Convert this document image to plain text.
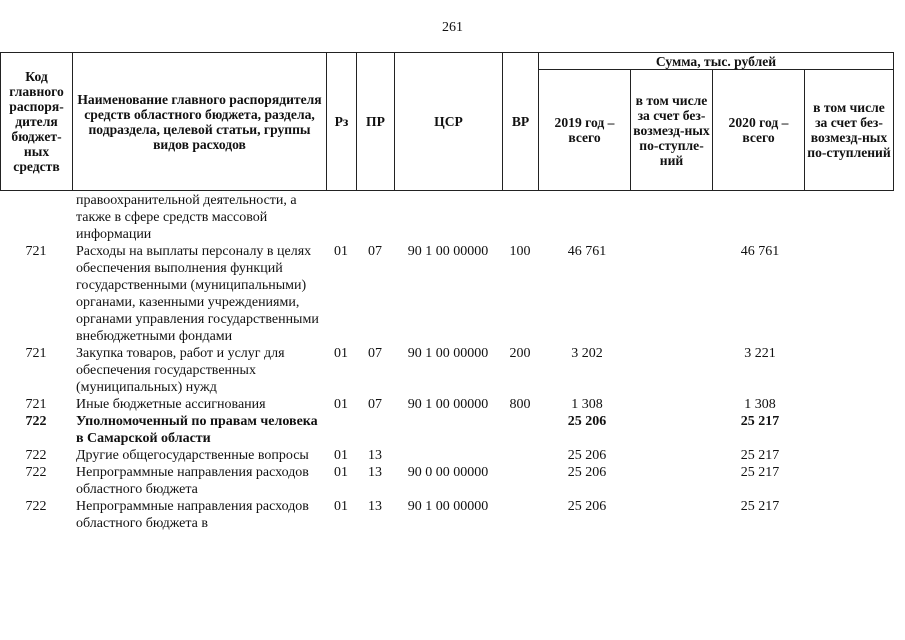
261
Код главного распоря-дителя бюджет-ных средств	Наименование главного распорядителя средств областного бюджета, раздела, подраздела, целевой статьи, группы видов расходов	Рз	ПР	ЦСР	ВР	Сумма, тыс. рублей			
						2019 год – всего	в том числе за счет без-возмезд-ных по-ступле-ний	2020 год – всего	в том числе за счет без-возмезд-ных по-ступлений
	правоохранительной деятельности, а также в сфере средств массовой информации								
721	Расходы на выплаты персоналу в целях обеспечения выполнения функций государственными (муниципальными) органами, казенными учреждениями, органами управления государственными внебюджетными фондами	01	07	90 1 00 00000	100	46 761		46 761	
721	Закупка товаров, работ и услуг для обеспечения государственных (муниципальных) нужд	01	07	90 1 00 00000	200	3 202		3 221	
721	Иные бюджетные ассигнования	01	07	90 1 00 00000	800	1 308		1 308	
722	Уполномоченный по правам человека в Самарской области					25 206		25 217	
722	Другие общегосударственные вопросы	01	13			25 206		25 217	
722	Непрограммные направления расходов областного бюджета	01	13	90 0 00 00000		25 206		25 217	
722	Непрограммные направления расходов областного бюджета в	01	13	90 1 00 00000		25 206		25 217	
